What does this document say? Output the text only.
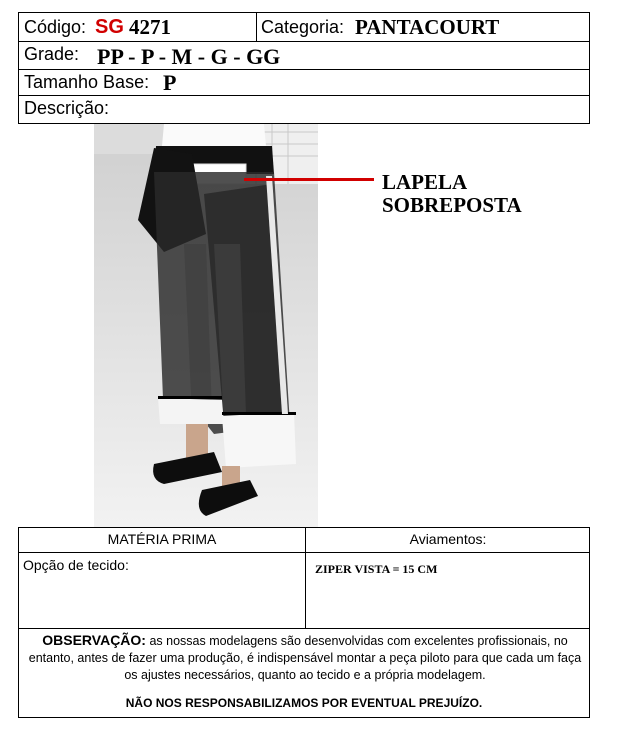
Código: SG 4271	Categoria: PANTACOURT
Grade: PP - P - M - G - GG
Tamanho Base: P
Descrição:
LAPELA
SOBREPOSTA
MATÉRIA PRIMA	Aviamentos:
Opção de tecido:	ZIPER VISTA = 15 CM
OBSERVAÇÃO: as nossas modelagens são desenvolvidas com excelentes profissionais, no entanto, antes de fazer uma produção, é indispensável montar a peça piloto para que cada um faça os ajustes necessários, quanto ao tecido e a própria modelagem.
NÃO NOS RESPONSABILIZAMOS POR EVENTUAL PREJUÍZO.
